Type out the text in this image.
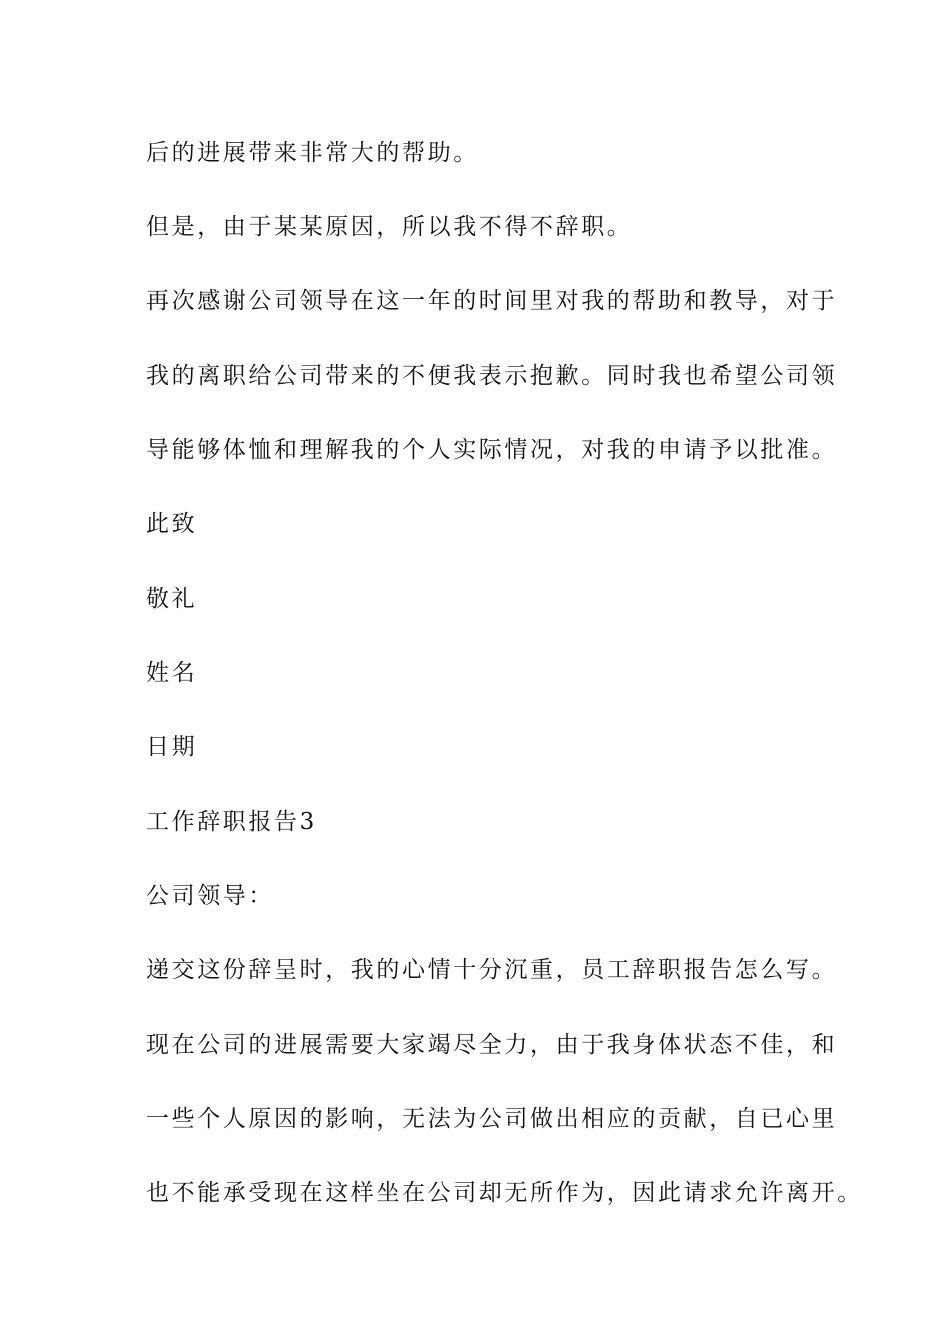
后的进展带来非常大的帮助。
但是，由于某某原因，所以我不得不辞职。
再次感谢公司领导在这一年的时间里对我的帮助和教导，对于
我的离职给公司带来的不便我表示抱歉。同时我也希望公司领
导能够体恤和理解我的个人实际情况，对我的申请予以批准。
此致
敬礼
姓名
日期
工作辞职报告3
公司领导：
递交这份辞呈时，我的心情十分沉重，员工辞职报告怎么写。
现在公司的进展需要大家竭尽全力，由于我身体状态不佳，和
一些个人原因的影响，无法为公司做出相应的贡献，自已心里
也不能承受现在这样坐在公司却无所作为，因此请求允许离开。
